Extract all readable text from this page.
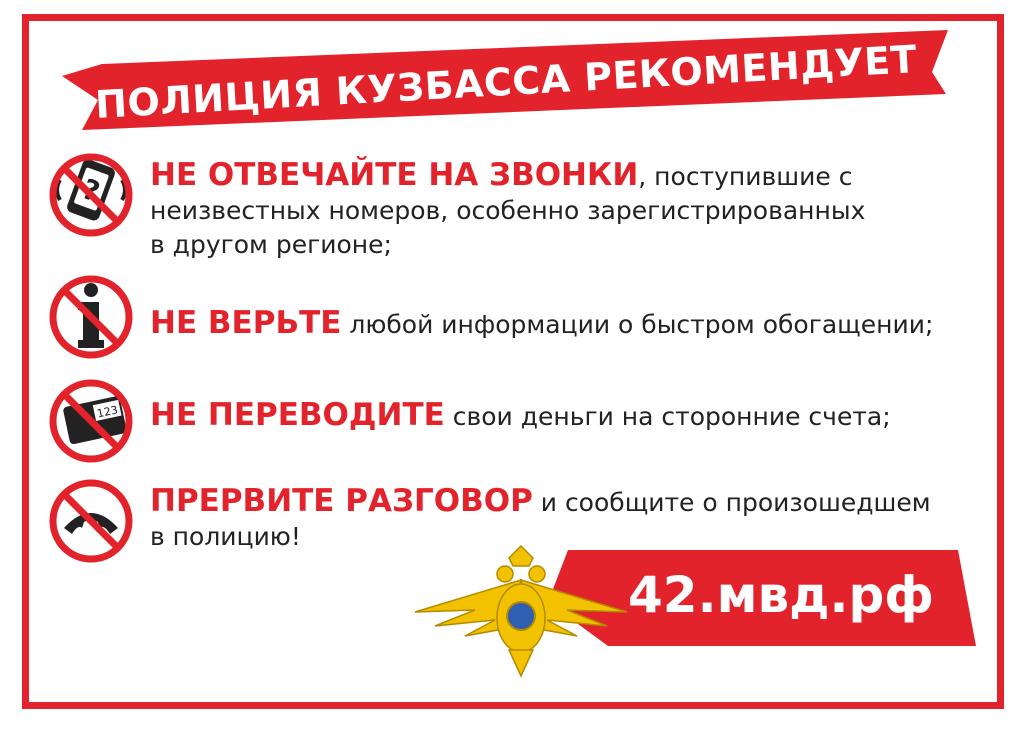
ПОЛИЦИЯ КУЗБАССА РЕКОМЕНДУЕТ
НЕ ОТВЕЧАЙТЕ НА ЗВОНКИ, поступившие с
неизвестных номеров, особенно зарегистрированных
в другом регионе;
НЕ ВЕРЬТЕ любой информации о быстром обогащении;
123 НЕ ПЕРЕВОДИТЕ свои деньги на сторонние счета;
ПРЕРВИТЕ РАЗГОВОР и сообщите о произошедшем
в полицию!
42.мвд.рф
